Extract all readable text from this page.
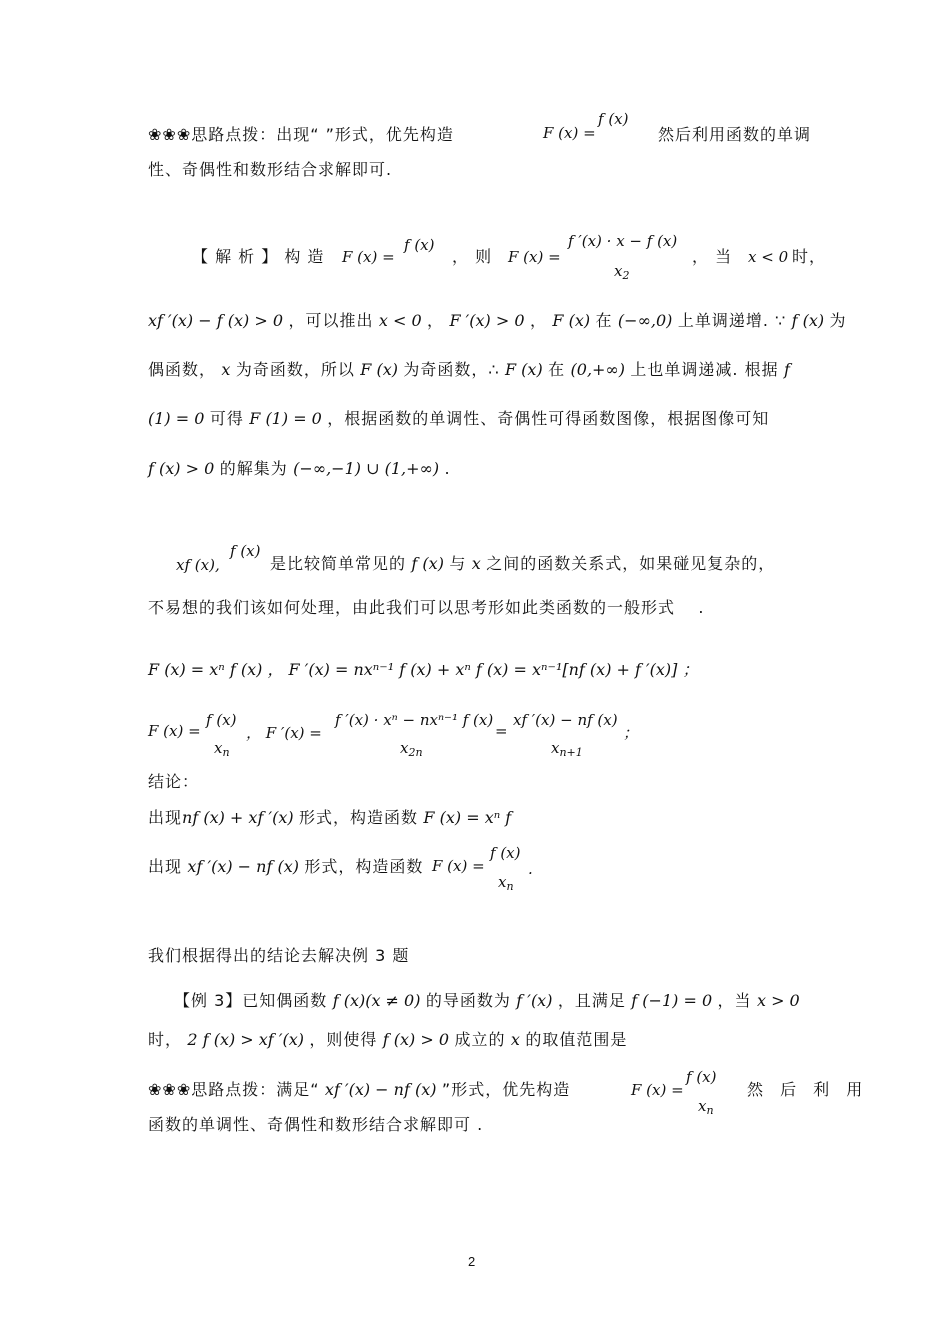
❀❀❀思路点拨：出现“ ”形式，优先构造	F (x) =
f (x)
然后利用函数的单调
性、奇偶性和数形结合求解即可.
【 解 析 】 构 造 F (x) =
f (x)
， 则 F (x) =
f ′(x) · x − f (x)
$x_2$
， 当 x < 0 时，
xf ′(x) − f (x) > 0 ，可以推出 x < 0 ， F ′(x) > 0 ， F (x) 在 (−∞,0) 上单调递增. ∵ f (x) 为
偶函数， x 为奇函数，所以 F (x) 为奇函数，∴ F (x) 在 (0,+∞) 上也单调递减. 根据 f
(1) = 0 可得 F (1) = 0 ，根据函数的单调性、奇偶性可得函数图像，根据图像可知
f (x) > 0 的解集为 (−∞,−1) ∪ (1,+∞) .
xf (x),
f (x)
是比较简单常见的 f (x) 与 x 之间的函数关系式，如果碰见复杂的，
不易想的我们该如何处理，由此我们可以思考形如此类函数的一般形式 .
F (x) = xⁿ f (x) ， F ′(x) = nxⁿ⁻¹ f (x) + xⁿ f (x) = xⁿ⁻¹[nf (x) + f ′(x)] ；
F (x) =
f (x)
$x_n$
， F ′(x) =
f ′(x) · xⁿ − nxⁿ⁻¹ f (x)
$x_{2n}$
=
xf ′(x) − nf (x)
$x_{n+1}$
；
结论：
出现nf (x) + xf ′(x) 形式，构造函数 F (x) = xⁿ f
出现 xf ′(x) − nf (x) 形式，构造函数 F (x) =
f (x)
$x_n$
.
我们根据得出的结论去解决例 3 题
【例 3】已知偶函数 f (x)(x ≠ 0) 的导函数为 f ′(x) ，且满足 f (−1) = 0 ，当 x > 0
时， 2 f (x) > xf ′(x) ，则使得 f (x) > 0 成立的 x 的取值范围是
❀❀❀思路点拨：满足“ xf ′(x) − nf (x) ”形式，优先构造	F (x) =
f (x)
$x_n$
然 后 利 用
函数的单调性、奇偶性和数形结合求解即可 .
2
